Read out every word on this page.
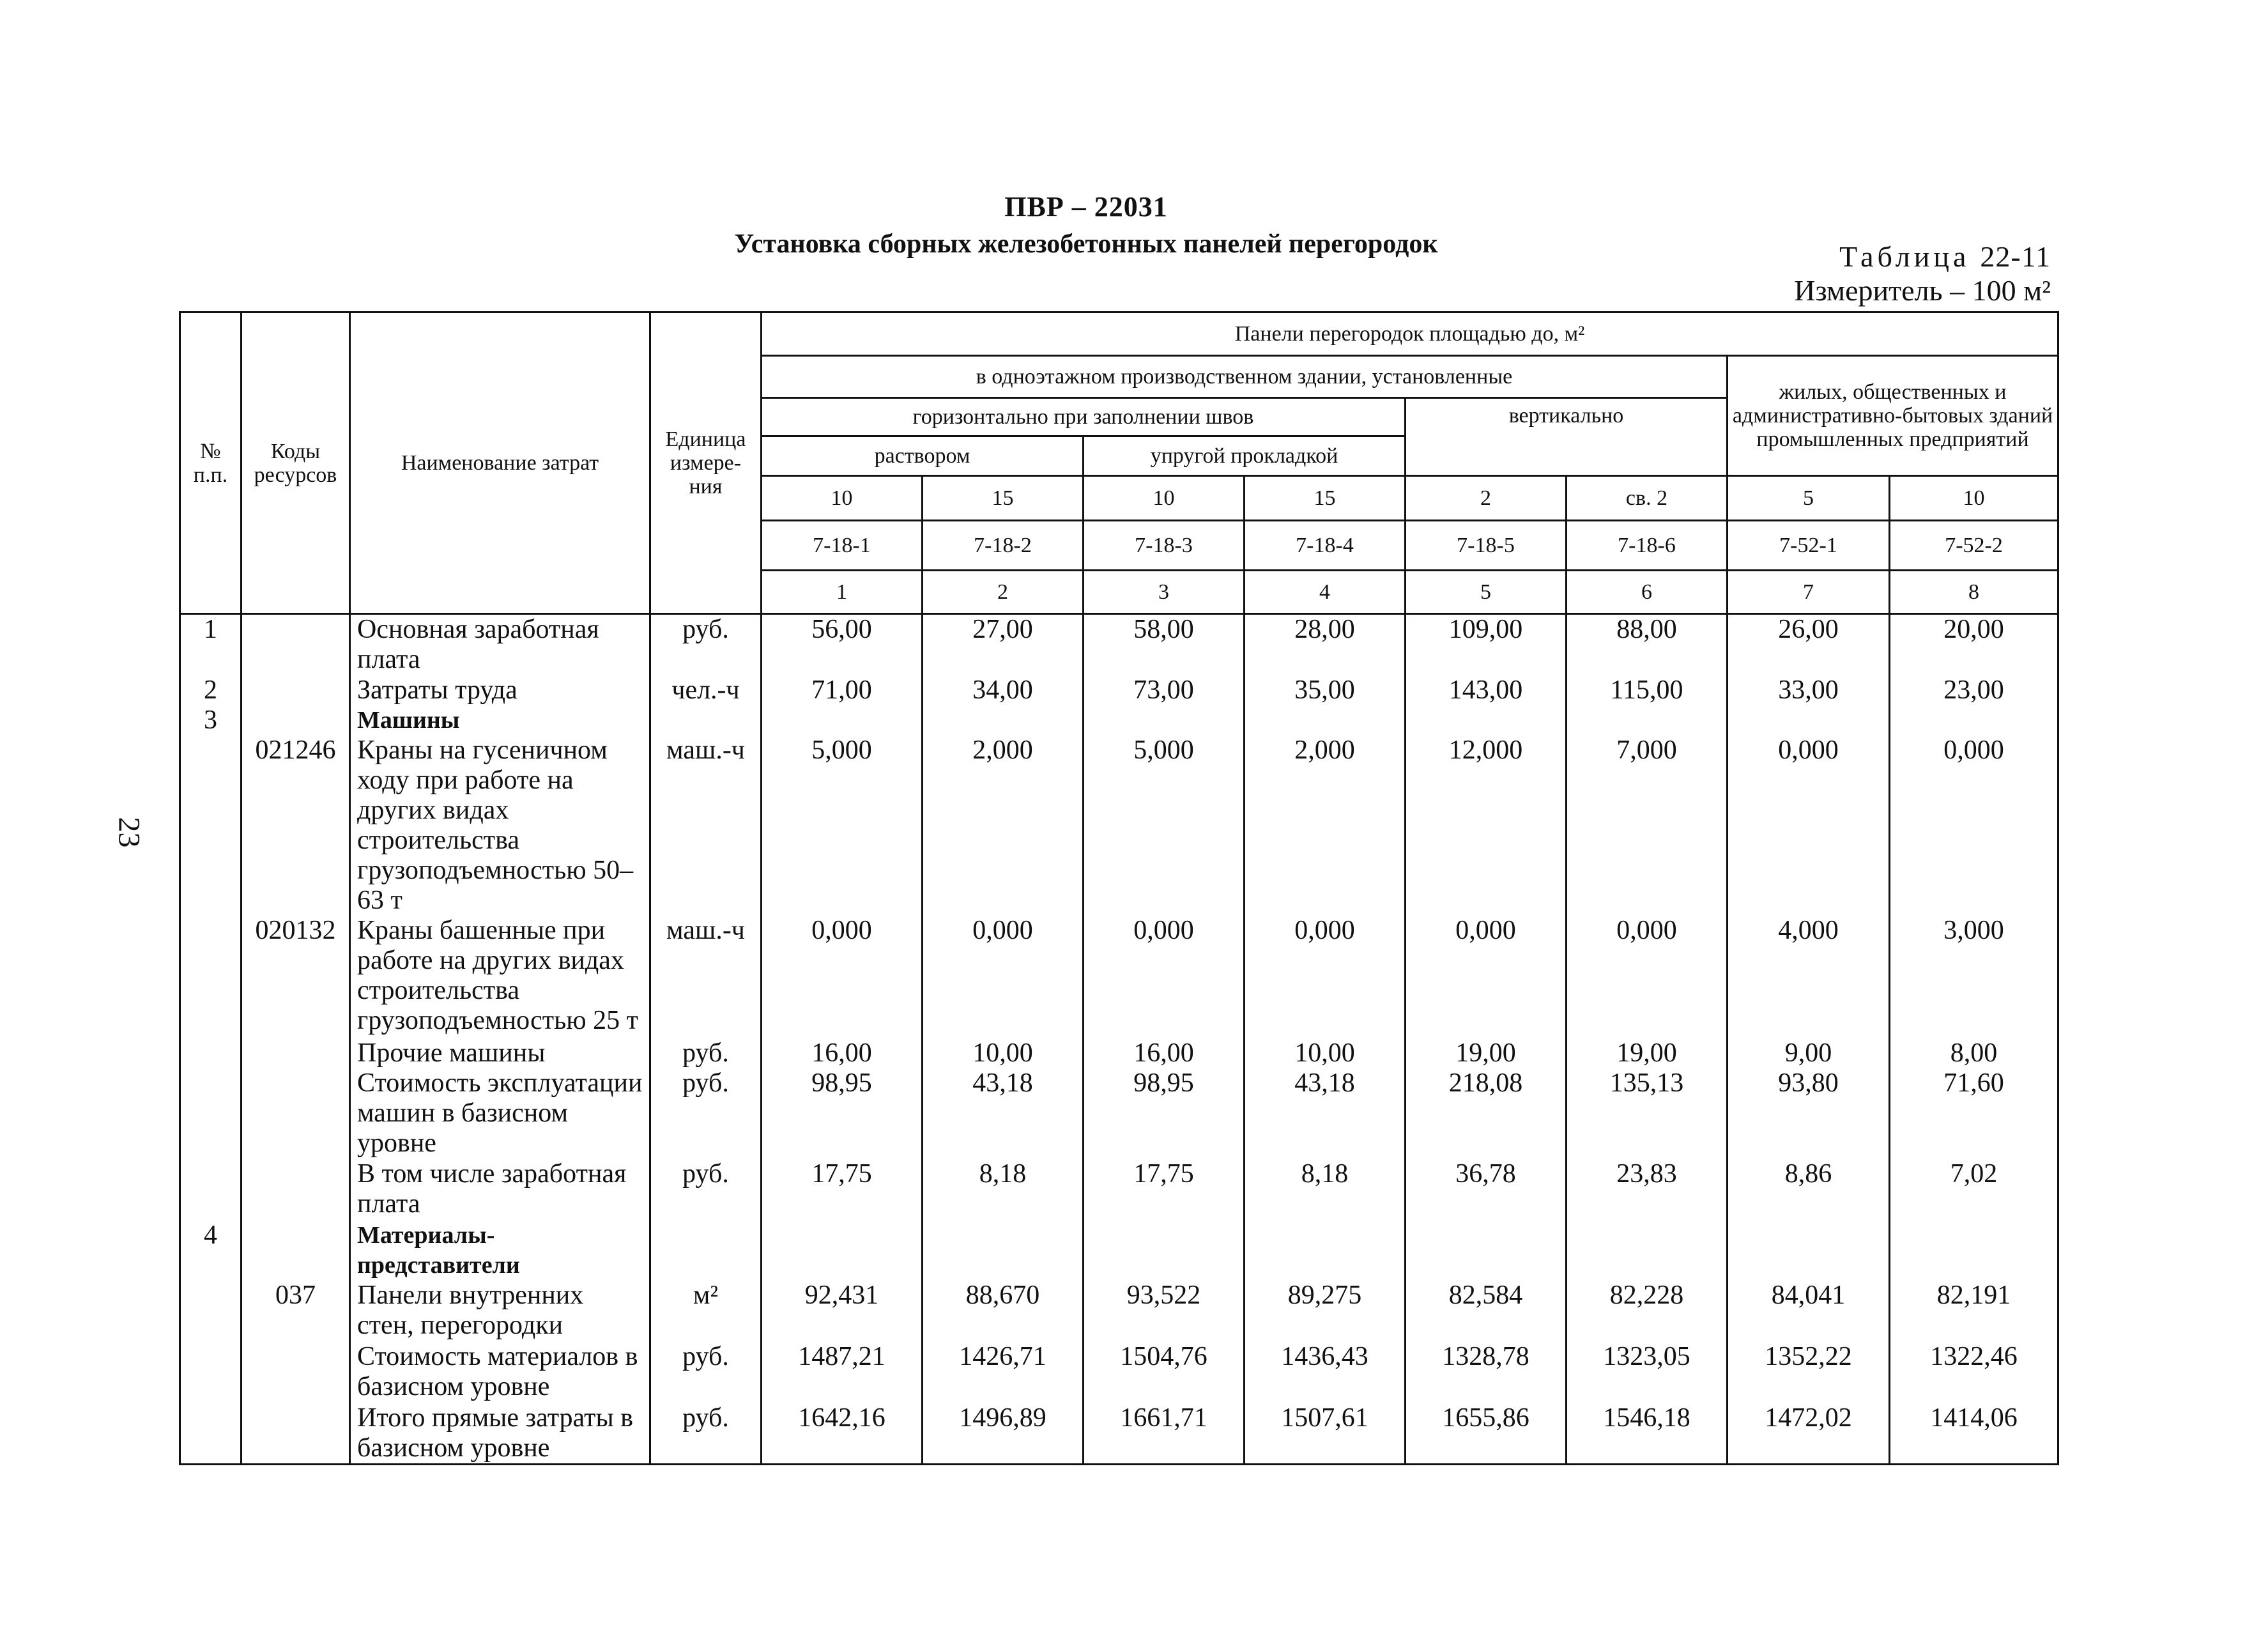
ПВР – 22031
Установка сборных железобетонных панелей перегородок	Таблица 22-11
Измеритель – 100 м²
23
№ п.п.	Коды ресурсов	Наименование затрат	Единица измере-ния	Панели перегородок площадью до, м²							
				в одноэтажном производственном здании, установленные						жилых, общественных и административно-бытовых зданий промышленных предприятий	
				горизонтально при заполнении швов				вертикально			
				раствором		упругой прокладкой					
				10	15	10	15	2	св. 2	5	10
				7-18-1	7-18-2	7-18-3	7-18-4	7-18-5	7-18-6	7-52-1	7-52-2
				1	2	3	4	5	6	7	8
1		Основная заработная плата	руб.	56,00	27,00	58,00	28,00	109,00	88,00	26,00	20,00
2		Затраты труда	чел.-ч	71,00	34,00	73,00	35,00	143,00	115,00	33,00	23,00
3		Машины									
	021246	Краны на гусеничном ходу при работе на других видах строительства грузоподъемностью 50–63 т	маш.-ч	5,000	2,000	5,000	2,000	12,000	7,000	0,000	0,000
	020132	Краны башенные при работе на других видах строительства грузоподъемностью 25 т	маш.-ч	0,000	0,000	0,000	0,000	0,000	0,000	4,000	3,000
		Прочие машины	руб.	16,00	10,00	16,00	10,00	19,00	19,00	9,00	8,00
		Стоимость эксплуатации машин в базисном уровне	руб.	98,95	43,18	98,95	43,18	218,08	135,13	93,80	71,60
		В том числе заработная плата	руб.	17,75	8,18	17,75	8,18	36,78	23,83	8,86	7,02
4		Материалы-представители									
	037	Панели внутренних стен, перегородки	м²	92,431	88,670	93,522	89,275	82,584	82,228	84,041	82,191
		Стоимость материалов в базисном уровне	руб.	1487,21	1426,71	1504,76	1436,43	1328,78	1323,05	1352,22	1322,46
		Итого прямые затраты в базисном уровне	руб.	1642,16	1496,89	1661,71	1507,61	1655,86	1546,18	1472,02	1414,06
